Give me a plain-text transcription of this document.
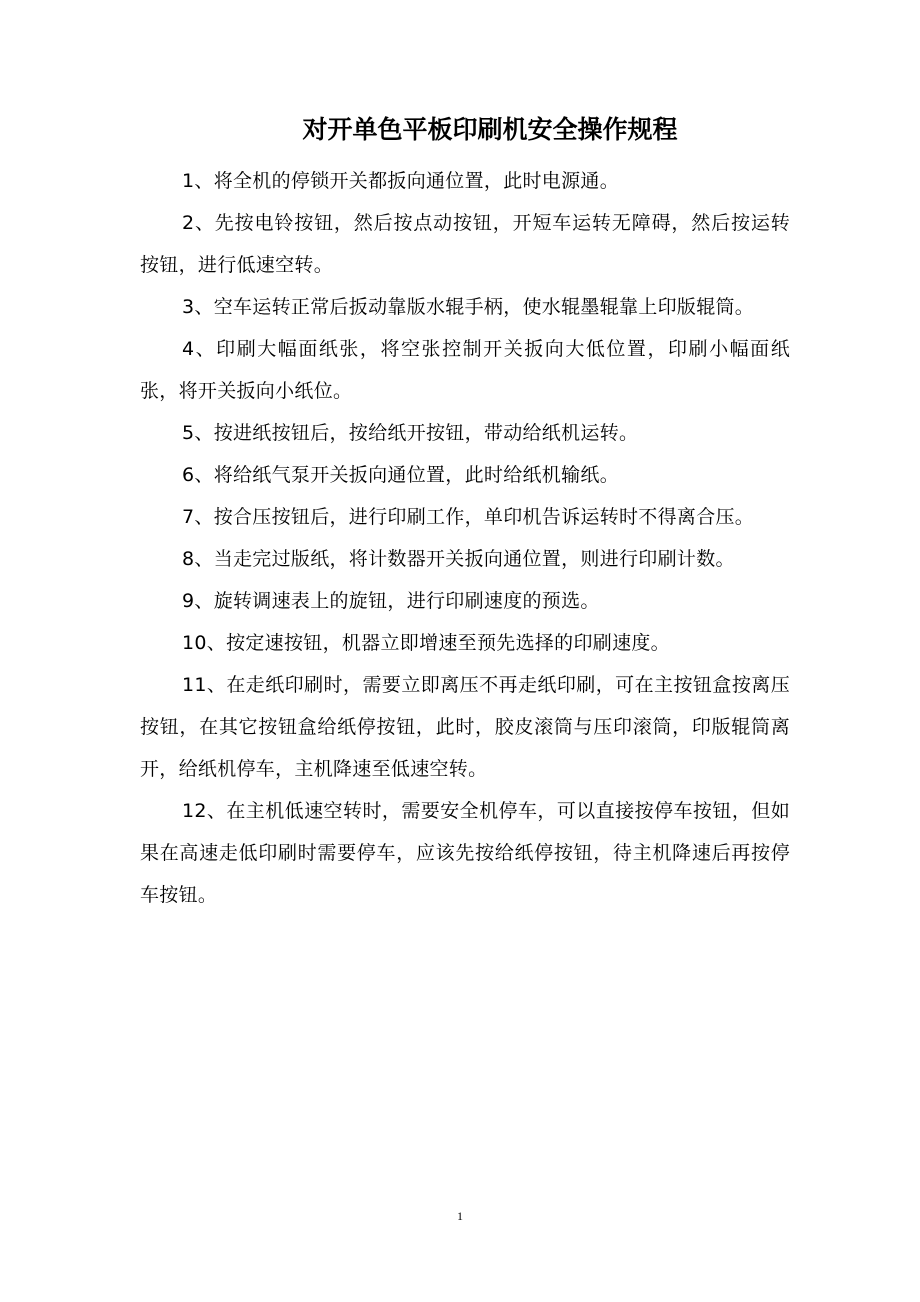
对开单色平板印刷机安全操作规程

1、将全机的停锁开关都扳向通位置，此时电源通。

2、先按电铃按钮，然后按点动按钮，开短车运转无障碍，然后按运转按钮，进行低速空转。

3、空车运转正常后扳动靠版水辊手柄，使水辊墨辊靠上印版辊筒。

4、印刷大幅面纸张，将空张控制开关扳向大低位置，印刷小幅面纸张，将开关扳向小纸位。

5、按进纸按钮后，按给纸开按钮，带动给纸机运转。

6、将给纸气泵开关扳向通位置，此时给纸机输纸。

7、按合压按钮后，进行印刷工作，单印机告诉运转时不得离合压。

8、当走完过版纸，将计数器开关扳向通位置，则进行印刷计数。

9、旋转调速表上的旋钮，进行印刷速度的预选。

10、按定速按钮，机器立即增速至预先选择的印刷速度。

11、在走纸印刷时，需要立即离压不再走纸印刷，可在主按钮盒按离压按钮，在其它按钮盒给纸停按钮，此时，胶皮滚筒与压印滚筒，印版辊筒离开，给纸机停车，主机降速至低速空转。

12、在主机低速空转时，需要安全机停车，可以直接按停车按钮，但如果在高速走低印刷时需要停车，应该先按给纸停按钮，待主机降速后再按停车按钮。

1
